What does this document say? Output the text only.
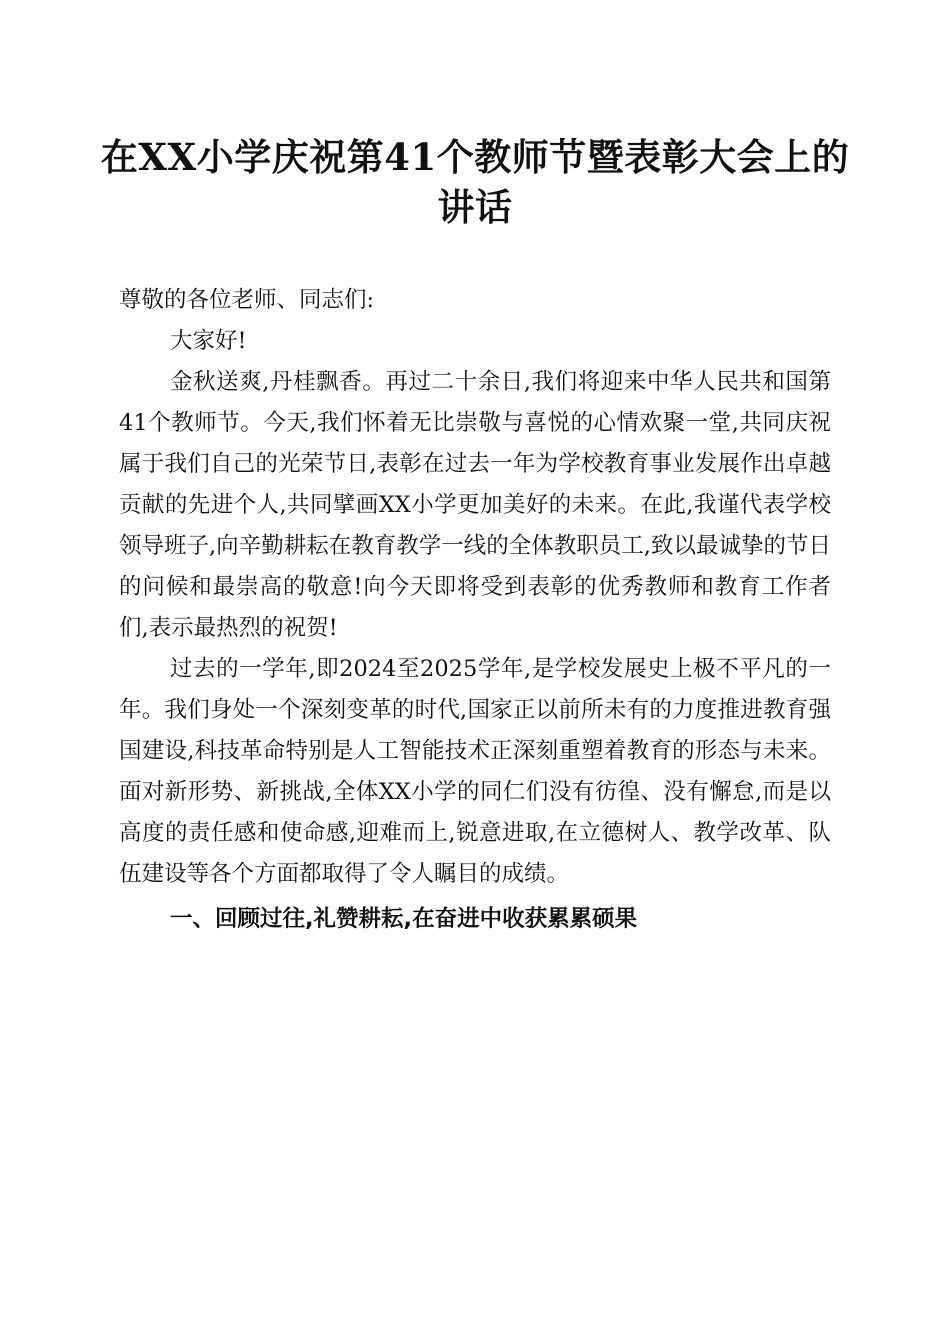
在XX小学庆祝第41个教师节暨表彰大会上的讲话

尊敬的各位老师、同志们:

大家好!

金秋送爽,丹桂飘香。再过二十余日,我们将迎来中华人民共和国第41个教师节。今天,我们怀着无比崇敬与喜悦的心情欢聚一堂,共同庆祝属于我们自己的光荣节日,表彰在过去一年为学校教育事业发展作出卓越贡献的先进个人,共同擘画XX小学更加美好的未来。在此,我谨代表学校领导班子,向辛勤耕耘在教育教学一线的全体教职员工,致以最诚挚的节日的问候和最崇高的敬意!向今天即将受到表彰的优秀教师和教育工作者们,表示最热烈的祝贺!

过去的一学年,即2024至2025学年,是学校发展史上极不平凡的一年。我们身处一个深刻变革的时代,国家正以前所未有的力度推进教育强国建设,科技革命特别是人工智能技术正深刻重塑着教育的形态与未来。面对新形势、新挑战,全体XX小学的同仁们没有彷徨、没有懈怠,而是以高度的责任感和使命感,迎难而上,锐意进取,在立德树人、教学改革、队伍建设等各个方面都取得了令人瞩目的成绩。

一、回顾过往,礼赞耕耘,在奋进中收获累累硕果
